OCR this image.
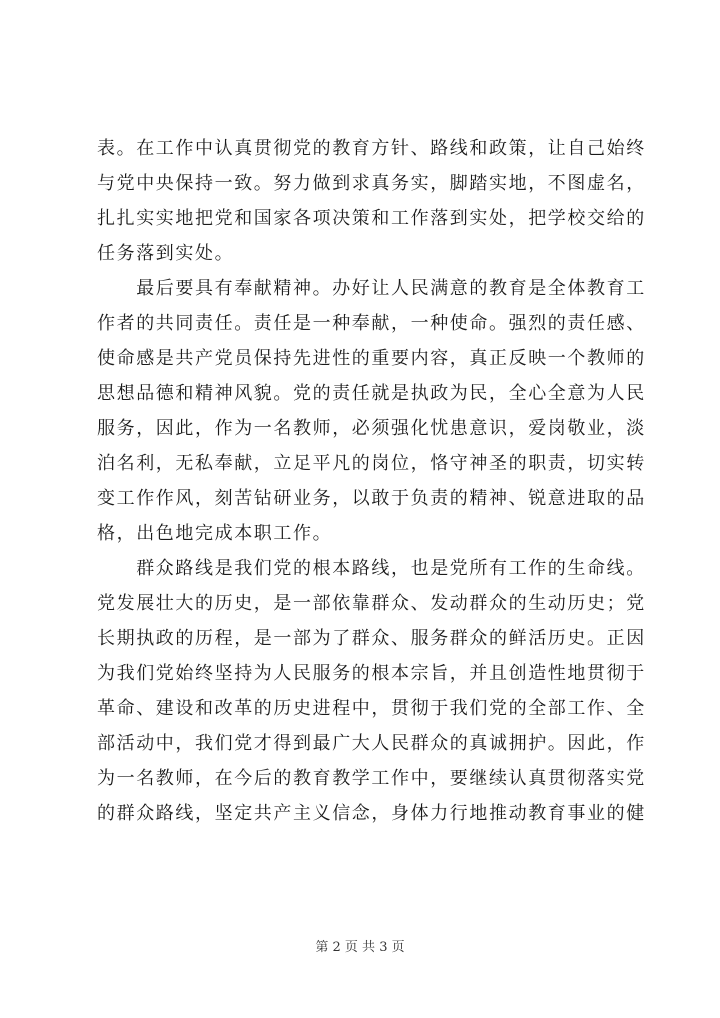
表。在工作中认真贯彻党的教育方针、路线和政策，让自己始终
与党中央保持一致。努力做到求真务实，脚踏实地，不图虚名，
扎扎实实地把党和国家各项决策和工作落到实处，把学校交给的
任务落到实处。
　　最后要具有奉献精神。办好让人民满意的教育是全体教育工
作者的共同责任。责任是一种奉献，一种使命。强烈的责任感、
使命感是共产党员保持先进性的重要内容，真正反映一个教师的
思想品德和精神风貌。党的责任就是执政为民，全心全意为人民
服务，因此，作为一名教师，必须强化忧患意识，爱岗敬业，淡
泊名利，无私奉献，立足平凡的岗位，恪守神圣的职责，切实转
变工作作风，刻苦钻研业务，以敢于负责的精神、锐意进取的品
格，出色地完成本职工作。
　　群众路线是我们党的根本路线，也是党所有工作的生命线。
党发展壮大的历史，是一部依靠群众、发动群众的生动历史；党
长期执政的历程，是一部为了群众、服务群众的鲜活历史。正因
为我们党始终坚持为人民服务的根本宗旨，并且创造性地贯彻于
革命、建设和改革的历史进程中，贯彻于我们党的全部工作、全
部活动中，我们党才得到最广大人民群众的真诚拥护。因此，作
为一名教师，在今后的教育教学工作中，要继续认真贯彻落实党
的群众路线，坚定共产主义信念，身体力行地推动教育事业的健
第 2 页 共 3 页
